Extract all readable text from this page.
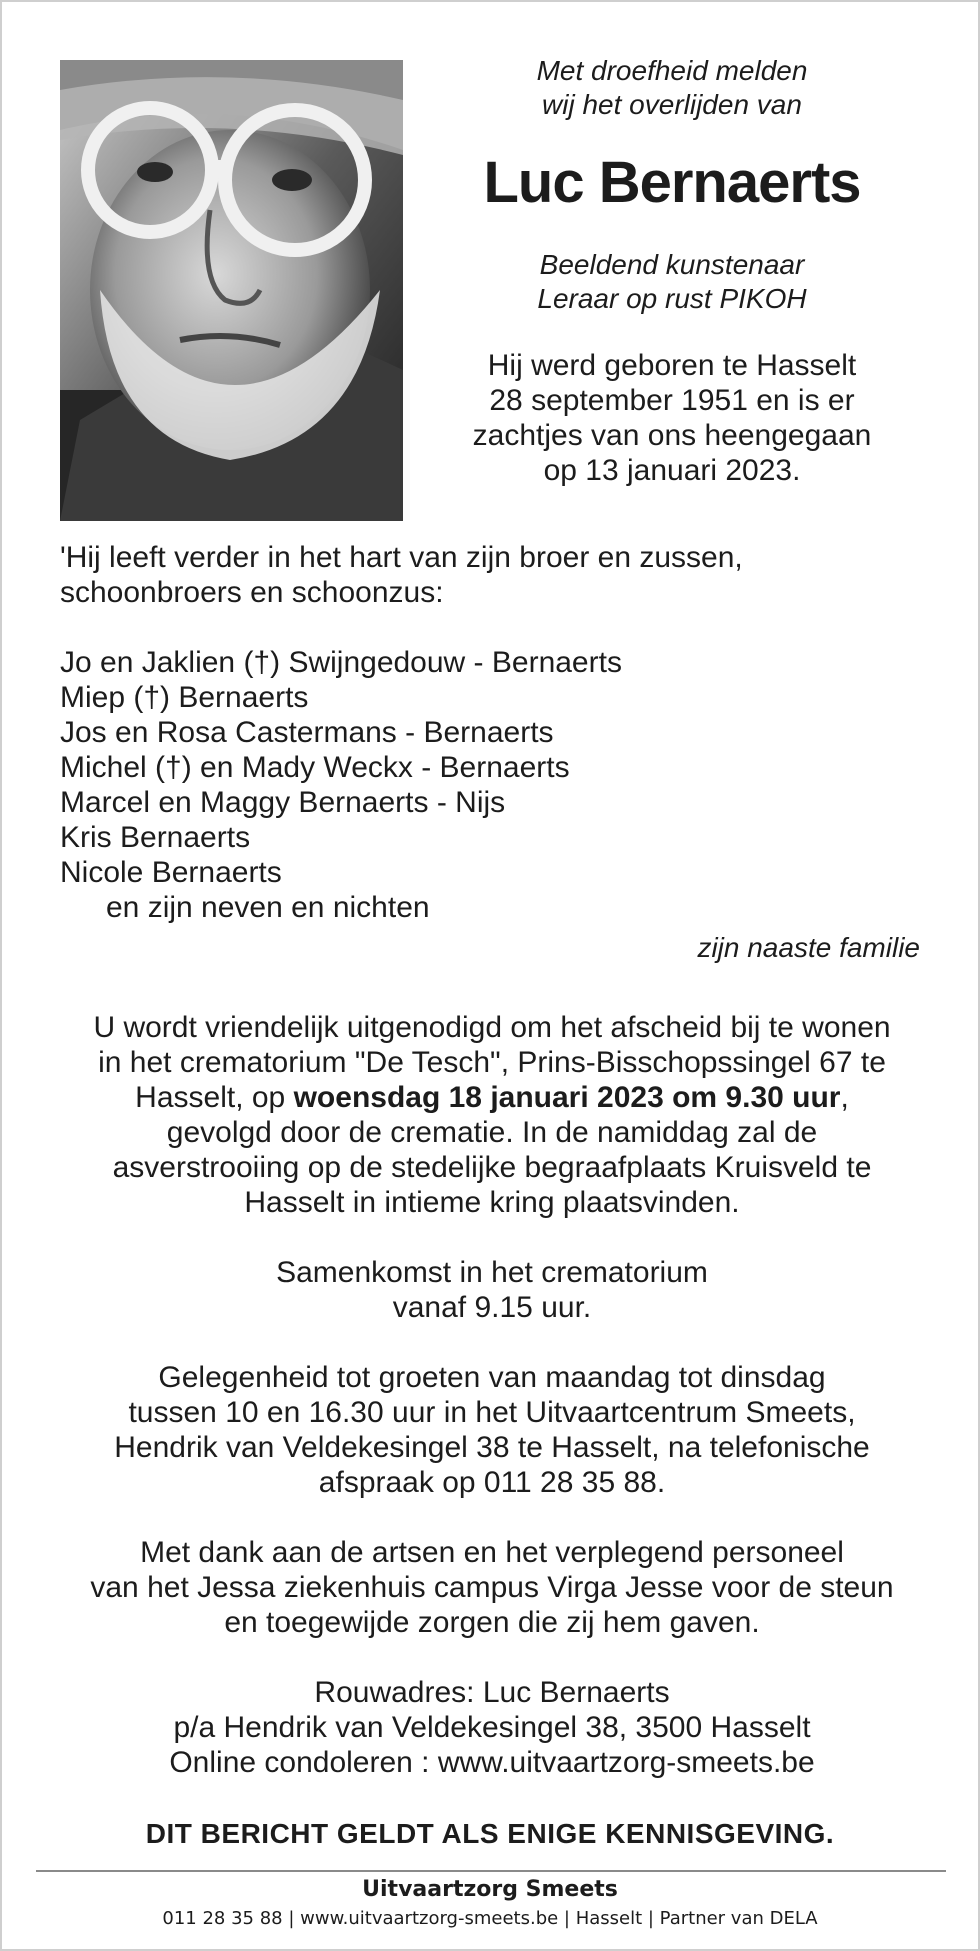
Met droefheid melden
wij het overlijden van

Luc Bernaerts

Beeldend kunstenaar
Leraar op rust PIKOH

Hij werd geboren te Hasselt
28 september 1951 en is er
zachtjes van ons heengegaan
op 13 januari 2023.

'Hij leeft verder in het hart van zijn broer en zussen,
schoonbroers en schoonzus:
Jo en Jaklien (†) Swijngedouw - Bernaerts
Miep (†) Bernaerts
Jos en Rosa Castermans - Bernaerts
Michel (†) en Mady Weckx - Bernaerts
Marcel en Maggy Bernaerts - Nijs
Kris Bernaerts
Nicole Bernaerts
en zijn neven en nichten
zijn naaste familie

U wordt vriendelijk uitgenodigd om het afscheid bij te wonen
in het crematorium "De Tesch", Prins-Bisschopssingel 67 te
Hasselt, op woensdag 18 januari 2023 om 9.30 uur,
gevolgd door de crematie. In de namiddag zal de
asverstrooiing op de stedelijke begraafplaats Kruisveld te
Hasselt in intieme kring plaatsvinden.

Samenkomst in het crematorium
vanaf 9.15 uur.

Gelegenheid tot groeten van maandag tot dinsdag
tussen 10 en 16.30 uur in het Uitvaartcentrum Smeets,
Hendrik van Veldekesingel 38 te Hasselt, na telefonische
afspraak op 011 28 35 88.

Met dank aan de artsen en het verplegend personeel
van het Jessa ziekenhuis campus Virga Jesse voor de steun
en toegewijde zorgen die zij hem gaven.

Rouwadres: Luc Bernaerts
p/a Hendrik van Veldekesingel 38, 3500 Hasselt
Online condoleren : www.uitvaartzorg-smeets.be

DIT BERICHT GELDT ALS ENIGE KENNISGEVING.
Uitvaartzorg Smeets
011 28 35 88 | www.uitvaartzorg-smeets.be | Hasselt | Partner van DELA
